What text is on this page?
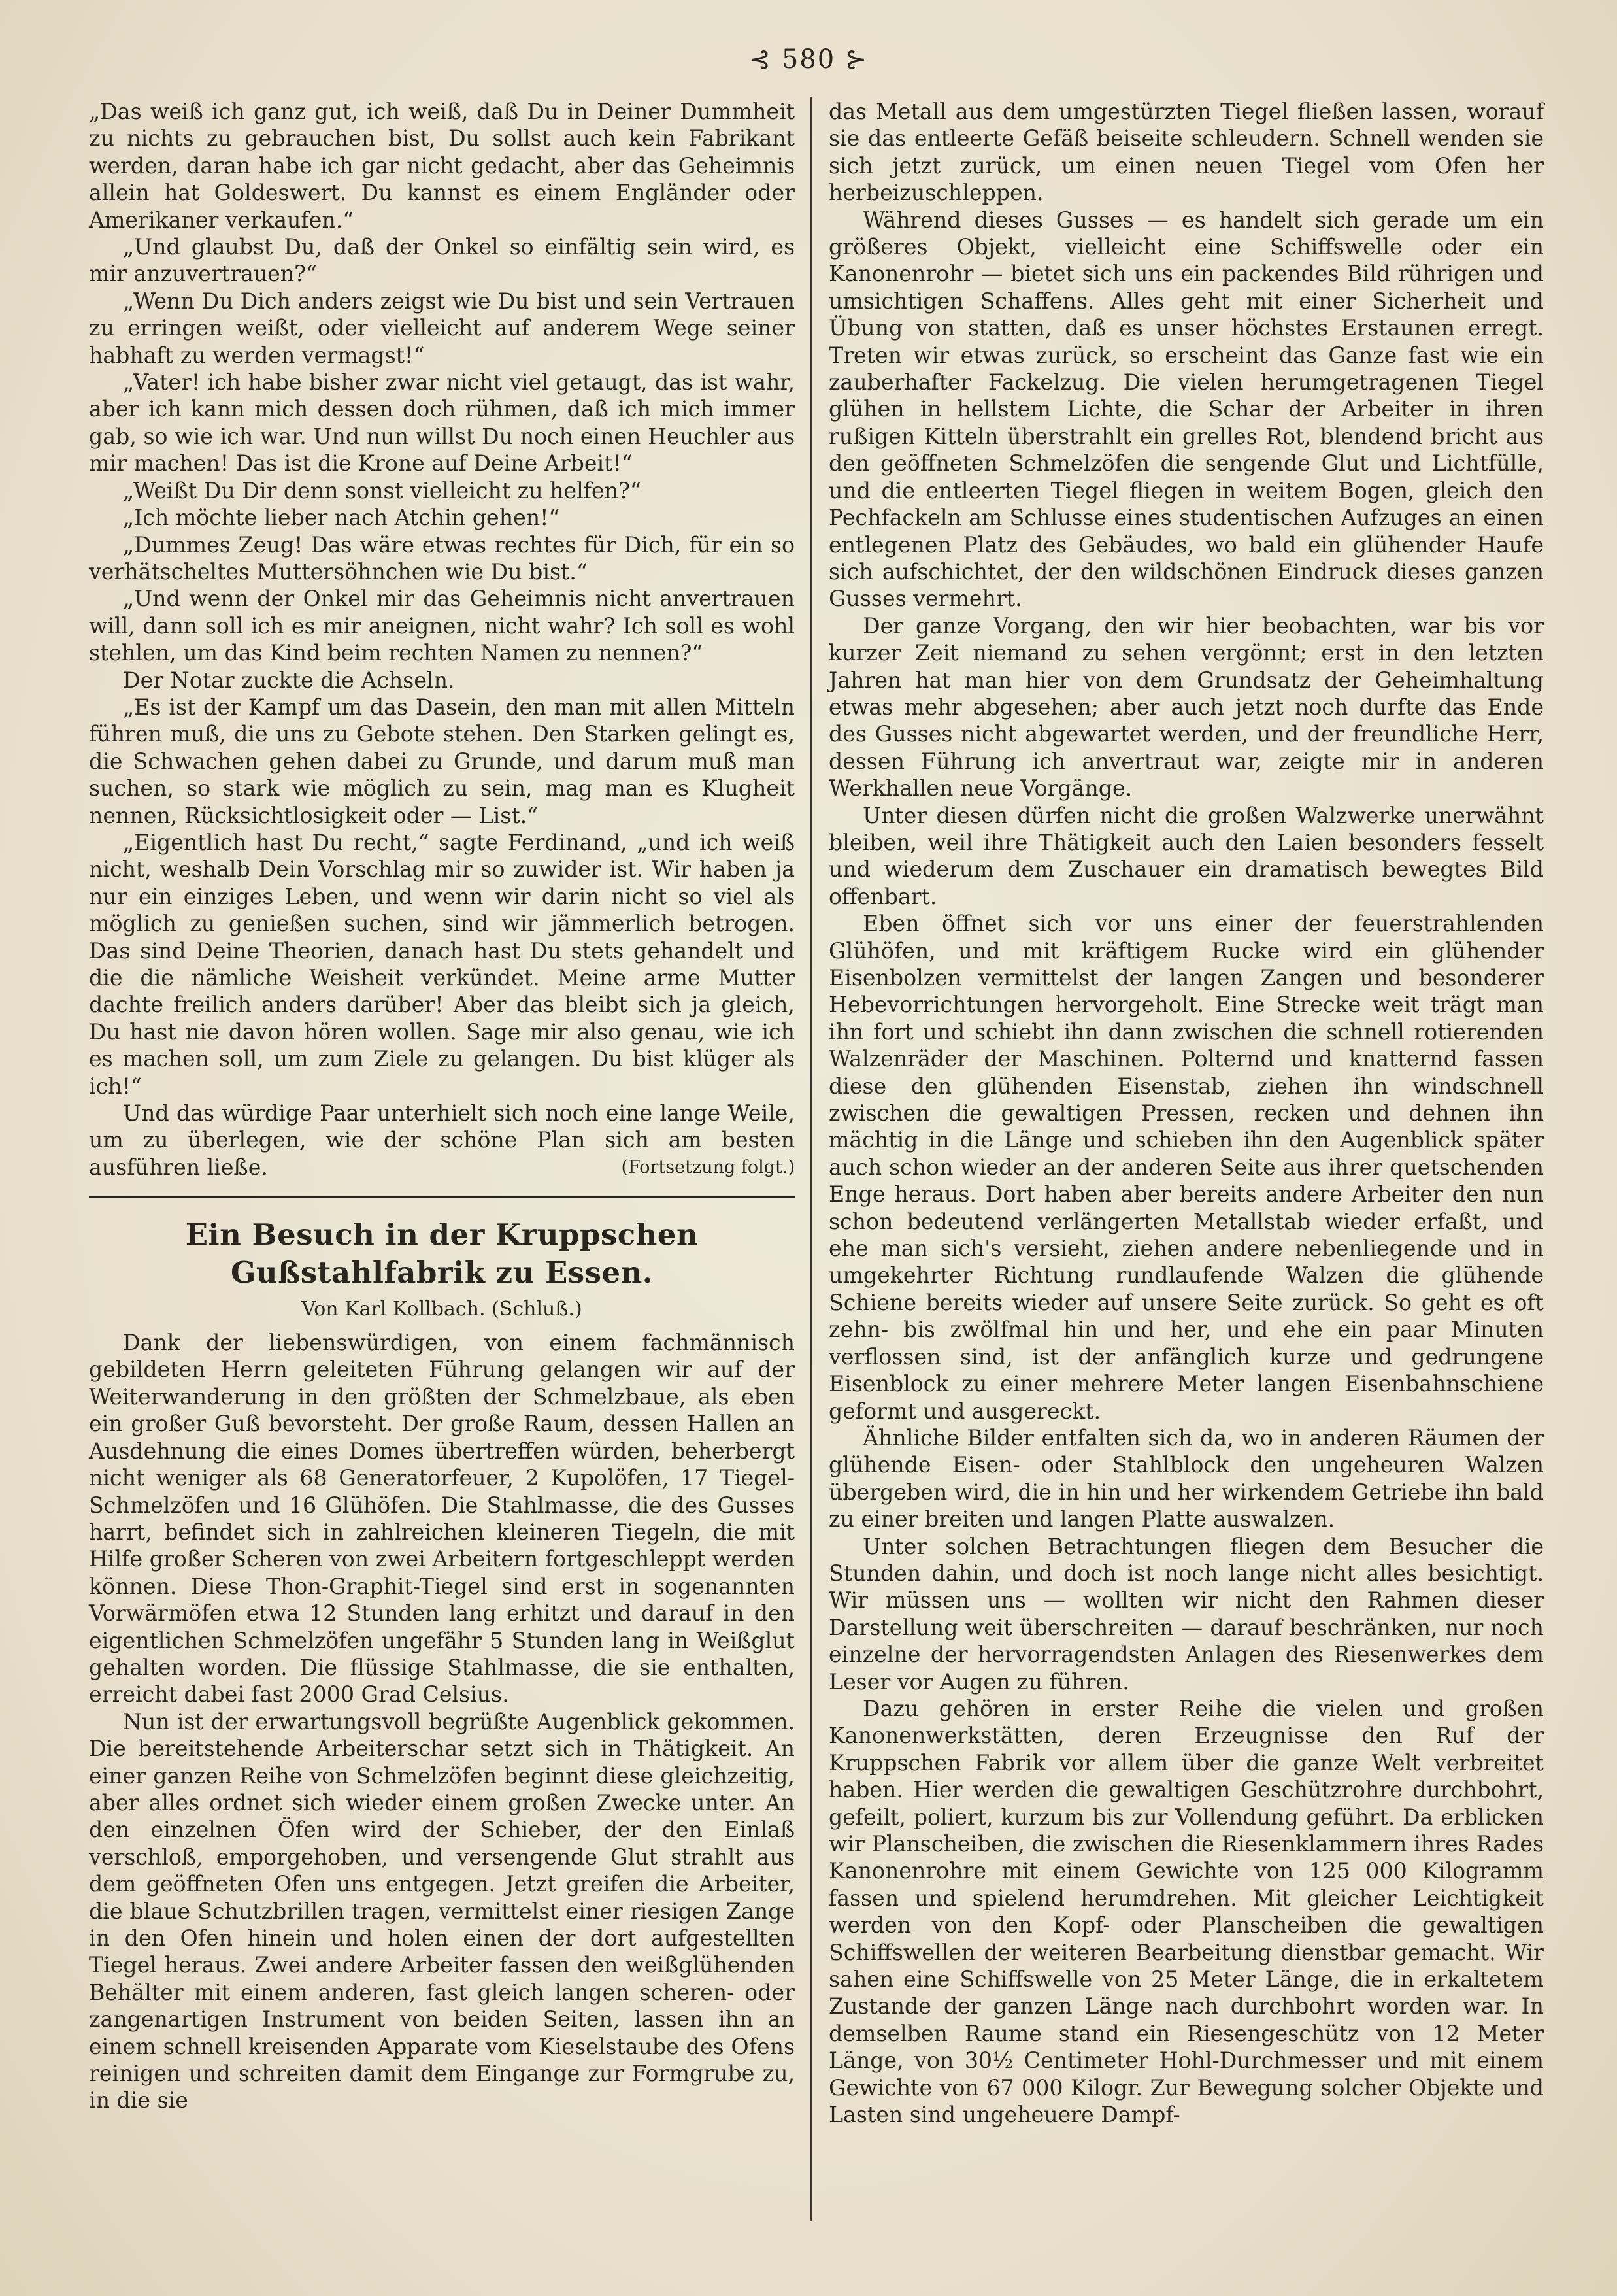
⊰ 580 ⊱

„Das weiß ich ganz gut, ich weiß, daß Du in Deiner Dummheit zu nichts zu gebrauchen bist, Du sollst auch kein Fabrikant werden, daran habe ich gar nicht gedacht, aber das Geheimnis allein hat Goldeswert. Du kannst es einem Engländer oder Amerikaner verkaufen.“

„Und glaubst Du, daß der Onkel so einfältig sein wird, es mir anzuvertrauen?“

„Wenn Du Dich anders zeigst wie Du bist und sein Vertrauen zu erringen weißt, oder vielleicht auf anderem Wege seiner habhaft zu werden vermagst!“

„Vater! ich habe bisher zwar nicht viel getaugt, das ist wahr, aber ich kann mich dessen doch rühmen, daß ich mich immer gab, so wie ich war. Und nun willst Du noch einen Heuchler aus mir machen! Das ist die Krone auf Deine Arbeit!“

„Weißt Du Dir denn sonst vielleicht zu helfen?“

„Ich möchte lieber nach Atchin gehen!“

„Dummes Zeug! Das wäre etwas rechtes für Dich, für ein so verhätscheltes Muttersöhnchen wie Du bist.“

„Und wenn der Onkel mir das Geheimnis nicht anvertrauen will, dann soll ich es mir aneignen, nicht wahr? Ich soll es wohl stehlen, um das Kind beim rechten Namen zu nennen?“

Der Notar zuckte die Achseln.

„Es ist der Kampf um das Dasein, den man mit allen Mitteln führen muß, die uns zu Gebote stehen. Den Starken gelingt es, die Schwachen gehen dabei zu Grunde, und darum muß man suchen, so stark wie möglich zu sein, mag man es Klugheit nennen, Rücksichtlosigkeit oder — List.“

„Eigentlich hast Du recht,“ sagte Ferdinand, „und ich weiß nicht, weshalb Dein Vorschlag mir so zuwider ist. Wir haben ja nur ein einziges Leben, und wenn wir darin nicht so viel als möglich zu genießen suchen, sind wir jämmerlich betrogen. Das sind Deine Theorien, danach hast Du stets gehandelt und die die nämliche Weisheit verkündet. Meine arme Mutter dachte freilich anders darüber! Aber das bleibt sich ja gleich, Du hast nie davon hören wollen. Sage mir also genau, wie ich es machen soll, um zum Ziele zu gelangen. Du bist klüger als ich!“

Und das würdige Paar unterhielt sich noch eine lange Weile, um zu überlegen, wie der schöne Plan sich am besten ausführen ließe.	(Fortsetzung folgt.)
Ein Besuch in der Kruppschen Gußstahlfabrik zu Essen.
Von Karl Kollbach. (Schluß.)

Dank der liebenswürdigen, von einem fachmännisch gebildeten Herrn geleiteten Führung gelangen wir auf der Weiterwanderung in den größten der Schmelzbaue, als eben ein großer Guß bevorsteht. Der große Raum, dessen Hallen an Ausdehnung die eines Domes übertreffen würden, beherbergt nicht weniger als 68 Generatorfeuer, 2 Kupolöfen, 17 Tiegel-Schmelzöfen und 16 Glühöfen. Die Stahlmasse, die des Gusses harrt, befindet sich in zahlreichen kleineren Tiegeln, die mit Hilfe großer Scheren von zwei Arbeitern fortgeschleppt werden können. Diese Thon-Graphit-Tiegel sind erst in sogenannten Vorwärmöfen etwa 12 Stunden lang erhitzt und darauf in den eigentlichen Schmelzöfen ungefähr 5 Stunden lang in Weißglut gehalten worden. Die flüssige Stahlmasse, die sie enthalten, erreicht dabei fast 2000 Grad Celsius.

Nun ist der erwartungsvoll begrüßte Augenblick gekommen. Die bereitstehende Arbeiterschar setzt sich in Thätigkeit. An einer ganzen Reihe von Schmelzöfen beginnt diese gleichzeitig, aber alles ordnet sich wieder einem großen Zwecke unter. An den einzelnen Öfen wird der Schieber, der den Einlaß verschloß, emporgehoben, und versengende Glut strahlt aus dem geöffneten Ofen uns entgegen. Jetzt greifen die Arbeiter, die blaue Schutzbrillen tragen, vermittelst einer riesigen Zange in den Ofen hinein und holen einen der dort aufgestellten Tiegel heraus. Zwei andere Arbeiter fassen den weißglühenden Behälter mit einem anderen, fast gleich langen scheren- oder zangenartigen Instrument von beiden Seiten, lassen ihn an einem schnell kreisenden Apparate vom Kieselstaube des Ofens reinigen und schreiten damit dem Eingange zur Formgrube zu, in die sie

das Metall aus dem umgestürzten Tiegel fließen lassen, worauf sie das entleerte Gefäß beiseite schleudern. Schnell wenden sie sich jetzt zurück, um einen neuen Tiegel vom Ofen her herbeizuschleppen.

Während dieses Gusses — es handelt sich gerade um ein größeres Objekt, vielleicht eine Schiffswelle oder ein Kanonenrohr — bietet sich uns ein packendes Bild rührigen und umsichtigen Schaffens. Alles geht mit einer Sicherheit und Übung von statten, daß es unser höchstes Erstaunen erregt. Treten wir etwas zurück, so erscheint das Ganze fast wie ein zauberhafter Fackelzug. Die vielen herumgetragenen Tiegel glühen in hellstem Lichte, die Schar der Arbeiter in ihren rußigen Kitteln überstrahlt ein grelles Rot, blendend bricht aus den geöffneten Schmelzöfen die sengende Glut und Lichtfülle, und die entleerten Tiegel fliegen in weitem Bogen, gleich den Pechfackeln am Schlusse eines studentischen Aufzuges an einen entlegenen Platz des Gebäudes, wo bald ein glühender Haufe sich aufschichtet, der den wildschönen Eindruck dieses ganzen Gusses vermehrt.

Der ganze Vorgang, den wir hier beobachten, war bis vor kurzer Zeit niemand zu sehen vergönnt; erst in den letzten Jahren hat man hier von dem Grundsatz der Geheimhaltung etwas mehr abgesehen; aber auch jetzt noch durfte das Ende des Gusses nicht abgewartet werden, und der freundliche Herr, dessen Führung ich anvertraut war, zeigte mir in anderen Werkhallen neue Vorgänge.

Unter diesen dürfen nicht die großen Walzwerke unerwähnt bleiben, weil ihre Thätigkeit auch den Laien besonders fesselt und wiederum dem Zuschauer ein dramatisch bewegtes Bild offenbart.

Eben öffnet sich vor uns einer der feuerstrahlenden Glühöfen, und mit kräftigem Rucke wird ein glühender Eisenbolzen vermittelst der langen Zangen und besonderer Hebevorrichtungen hervorgeholt. Eine Strecke weit trägt man ihn fort und schiebt ihn dann zwischen die schnell rotierenden Walzenräder der Maschinen. Polternd und knatternd fassen diese den glühenden Eisenstab, ziehen ihn windschnell zwischen die gewaltigen Pressen, recken und dehnen ihn mächtig in die Länge und schieben ihn den Augenblick später auch schon wieder an der anderen Seite aus ihrer quetschenden Enge heraus. Dort haben aber bereits andere Arbeiter den nun schon bedeutend verlängerten Metallstab wieder erfaßt, und ehe man sich's versieht, ziehen andere nebenliegende und in umgekehrter Richtung rundlaufende Walzen die glühende Schiene bereits wieder auf unsere Seite zurück. So geht es oft zehn- bis zwölfmal hin und her, und ehe ein paar Minuten verflossen sind, ist der anfänglich kurze und gedrungene Eisenblock zu einer mehrere Meter langen Eisenbahnschiene geformt und ausgereckt.

Ähnliche Bilder entfalten sich da, wo in anderen Räumen der glühende Eisen- oder Stahlblock den ungeheuren Walzen übergeben wird, die in hin und her wirkendem Getriebe ihn bald zu einer breiten und langen Platte auswalzen.

Unter solchen Betrachtungen fliegen dem Besucher die Stunden dahin, und doch ist noch lange nicht alles besichtigt. Wir müssen uns — wollten wir nicht den Rahmen dieser Darstellung weit überschreiten — darauf beschränken, nur noch einzelne der hervorragendsten Anlagen des Riesenwerkes dem Leser vor Augen zu führen.

Dazu gehören in erster Reihe die vielen und großen Kanonenwerkstätten, deren Erzeugnisse den Ruf der Kruppschen Fabrik vor allem über die ganze Welt verbreitet haben. Hier werden die gewaltigen Geschützrohre durchbohrt, gefeilt, poliert, kurzum bis zur Vollendung geführt. Da erblicken wir Planscheiben, die zwischen die Riesenklammern ihres Rades Kanonenrohre mit einem Gewichte von 125 000 Kilogramm fassen und spielend herumdrehen. Mit gleicher Leichtigkeit werden von den Kopf- oder Planscheiben die gewaltigen Schiffswellen der weiteren Bearbeitung dienstbar gemacht. Wir sahen eine Schiffswelle von 25 Meter Länge, die in erkaltetem Zustande der ganzen Länge nach durchbohrt worden war. In demselben Raume stand ein Riesengeschütz von 12 Meter Länge, von 30½ Centimeter Hohl-Durchmesser und mit einem Gewichte von 67 000 Kilogr. Zur Bewegung solcher Objekte und Lasten sind ungeheuere Dampf-
